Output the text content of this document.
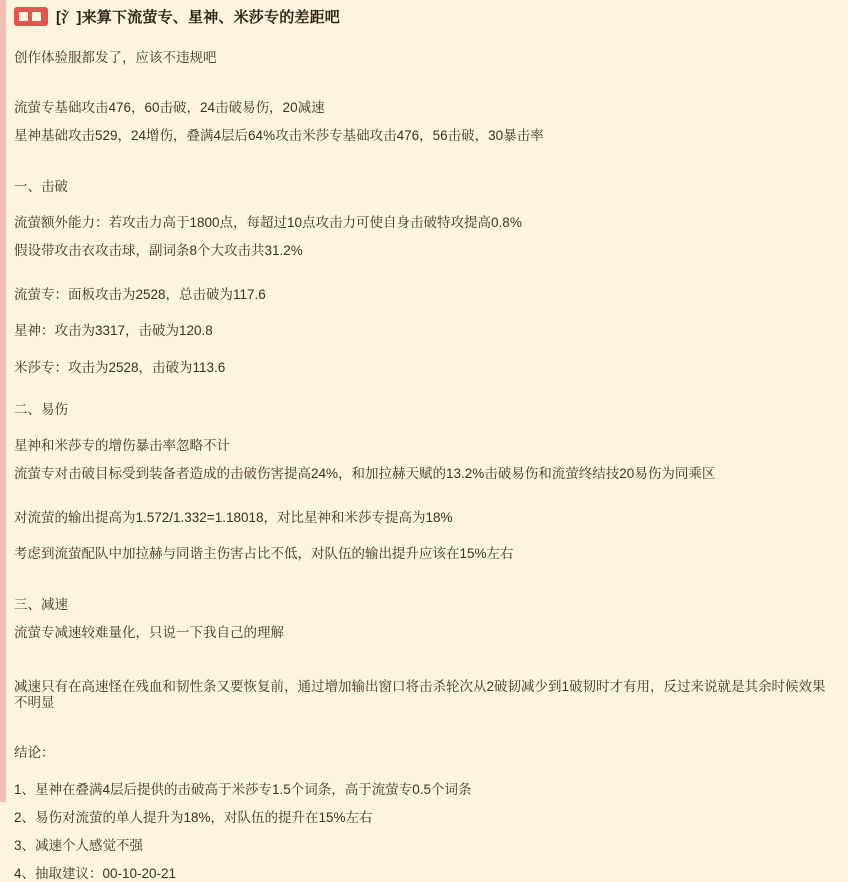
[氵]来算下流萤专、星神、米莎专的差距吧
创作体验服都发了，应该不违规吧
流萤专基础攻击476，60击破，24击破易伤，20减速
星神基础攻击529，24增伤，叠满4层后64%攻击米莎专基础攻击476，56击破，30暴击率
一、击破
流萤额外能力：若攻击力高于1800点，每超过10点攻击力可使自身击破特攻提高0.8%
假设带攻击衣攻击球，副词条8个大攻击共31.2%
流萤专：面板攻击为2528，总击破为117.6
星神：攻击为3317，击破为120.8
米莎专：攻击为2528，击破为113.6
二、易伤
星神和米莎专的增伤暴击率忽略不计
流萤专对击破目标受到装备者造成的击破伤害提高24%，和加拉赫天赋的13.2%击破易伤和流萤终结技20易伤为同乘区
对流萤的输出提高为1.572/1.332=1.18018，对比星神和米莎专提高为18%
考虑到流萤配队中加拉赫与同谐主伤害占比不低，对队伍的输出提升应该在15%左右
三、减速
流萤专减速较难量化，只说一下我自己的理解
减速只有在高速怪在残血和韧性条又要恢复前，通过增加输出窗口将击杀轮次从2破韧减少到1破韧时才有用，反过来说就是其余时候效果不明显
结论：
1、星神在叠满4层后提供的击破高于米莎专1.5个词条，高于流萤专0.5个词条
2、易伤对流萤的单人提升为18%，对队伍的提升在15%左右
3、减速个人感觉不强
4、抽取建议：00-10-20-21
